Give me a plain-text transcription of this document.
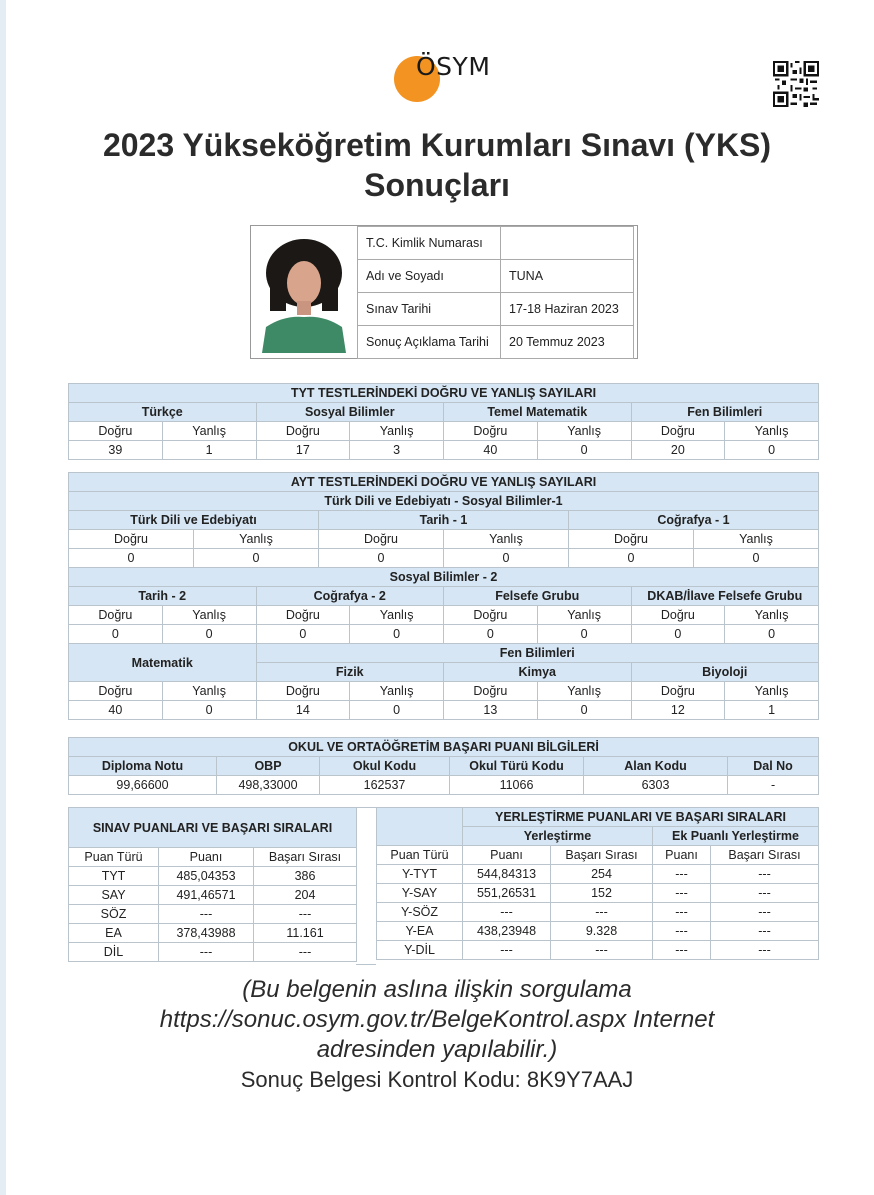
ÖSYM
2023 Yükseköğretim Kurumları Sınavı (YKS)
Sonuçları
T.C. Kimlik Numarası	
Adı ve Soyadı	TUNA
Sınav Tarihi	17-18 Haziran 2023
Sonuç Açıklama Tarihi	20 Temmuz 2023
TYT TESTLERİNDEKİ DOĞRU VE YANLIŞ SAYILARI							
Türkçe		Sosyal Bilimler		Temel Matematik		Fen Bilimleri	
Doğru	Yanlış	Doğru	Yanlış	Doğru	Yanlış	Doğru	Yanlış
39	1	17	3	40	0	20	0
AYT TESTLERİNDEKİ DOĞRU VE YANLIŞ SAYILARI											
Türk Dili ve Edebiyatı - Sosyal Bilimler-1											
Türk Dili ve Edebiyatı				Tarih - 1				Coğrafya - 1			
Doğru		Yanlış		Doğru		Yanlış		Doğru		Yanlış	
0		0		0		0		0		0	
Sosyal Bilimler - 2											
Tarih - 2			Coğrafya - 2			Felsefe Grubu			DKAB/İlave Felsefe Grubu		
Doğru	Yanlış		Doğru		Yanlış	Doğru	Yanlış		Doğru		Yanlış
0	0		0		0	0	0		0		0
Matematik			Fen Bilimleri								
			Fizik			Kimya			Biyoloji		
Doğru	Yanlış		Doğru		Yanlış	Doğru	Yanlış		Doğru		Yanlış
40	0		14		0	13	0		12		1
OKUL VE ORTAÖĞRETİM BAŞARI PUANI BİLGİLERİ					
Diploma Notu	OBP	Okul Kodu	Okul Türü Kodu	Alan Kodu	Dal No
99,66600	498,33000	162537	11066	6303	-
SINAV PUANLARI VE BAŞARI SIRALARI		
Puan Türü	Puanı	Başarı Sırası
TYT	485,04353	386
SAY	491,46571	204
SÖZ	---	---
EA	378,43988	11.161
DİL	---	---
	YERLEŞTİRME PUANLARI VE BAŞARI SIRALARI			
	Yerleştirme		Ek Puanlı Yerleştirme	
Puan Türü	Puanı	Başarı Sırası	Puanı	Başarı Sırası
Y-TYT	544,84313	254	---	---
Y-SAY	551,26531	152	---	---
Y-SÖZ	---	---	---	---
Y-EA	438,23948	9.328	---	---
Y-DİL	---	---	---	---
(Bu belgenin aslına ilişkin sorgulama
https://sonuc.osym.gov.tr/BelgeKontrol.aspx Internet
adresinden yapılabilir.)
Sonuç Belgesi Kontrol Kodu: 8K9Y7AAJ
